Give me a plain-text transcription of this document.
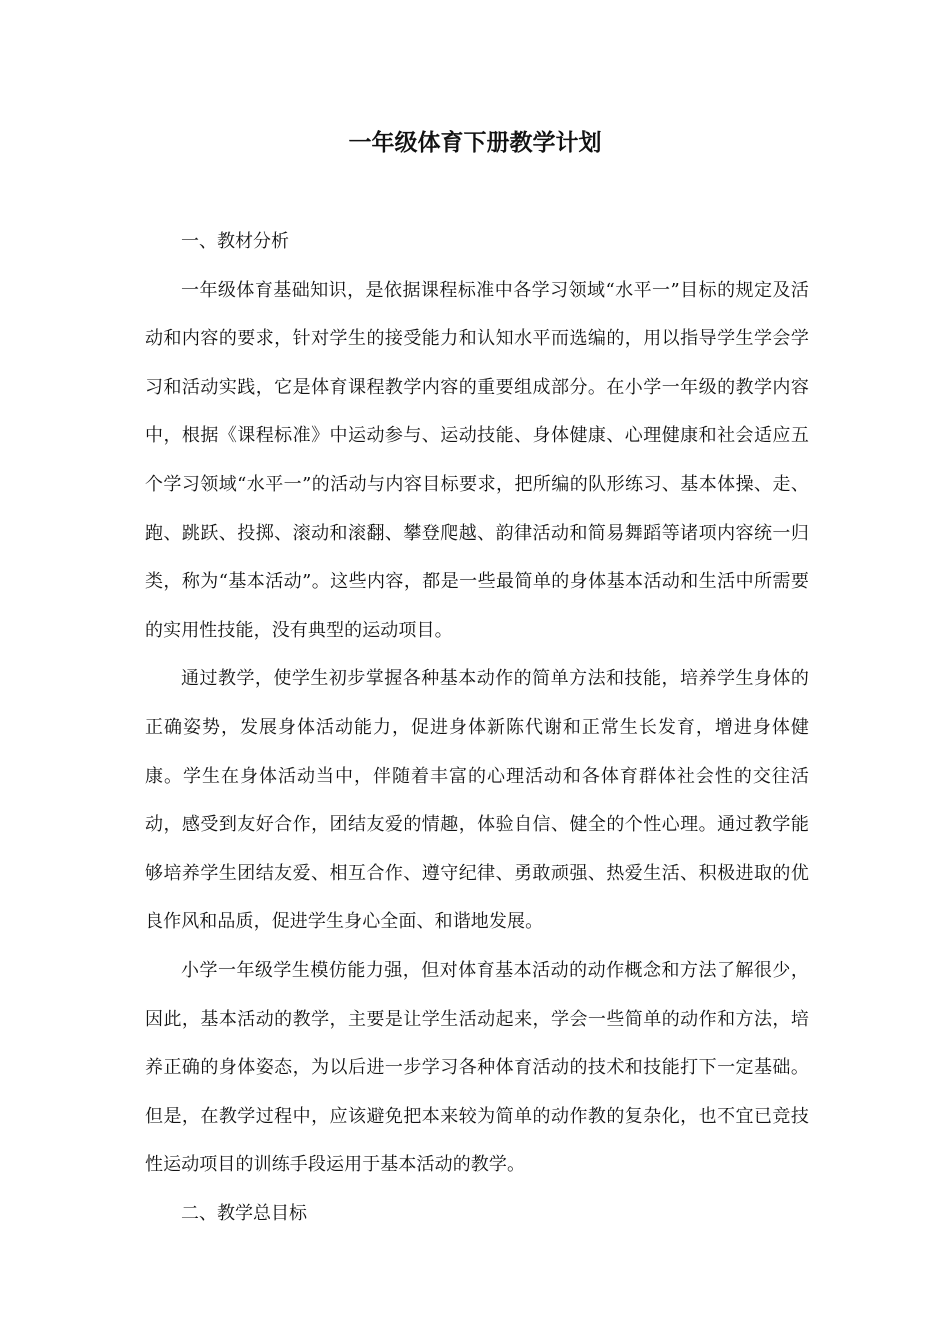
一年级体育下册教学计划

一、教材分析

一年级体育基础知识，是依据课程标准中各学习领域“水平一”目标的规定及活动和内容的要求，针对学生的接受能力和认知水平而选编的，用以指导学生学会学习和活动实践，它是体育课程教学内容的重要组成部分。在小学一年级的教学内容中，根据《课程标准》中运动参与、运动技能、身体健康、心理健康和社会适应五个学习领域“水平一”的活动与内容目标要求，把所编的队形练习、基本体操、走、跑、跳跃、投掷、滚动和滚翻、攀登爬越、韵律活动和简易舞蹈等诸项内容统一归类，称为“基本活动”。这些内容，都是一些最简单的身体基本活动和生活中所需要的实用性技能，没有典型的运动项目。

通过教学，使学生初步掌握各种基本动作的简单方法和技能，培养学生身体的正确姿势，发展身体活动能力，促进身体新陈代谢和正常生长发育，增进身体健康。学生在身体活动当中，伴随着丰富的心理活动和各体育群体社会性的交往活动，感受到友好合作，团结友爱的情趣，体验自信、健全的个性心理。通过教学能够培养学生团结友爱、相互合作、遵守纪律、勇敢顽强、热爱生活、积极进取的优良作风和品质，促进学生身心全面、和谐地发展。

小学一年级学生模仿能力强，但对体育基本活动的动作概念和方法了解很少，因此，基本活动的教学，主要是让学生活动起来，学会一些简单的动作和方法，培养正确的身体姿态，为以后进一步学习各种体育活动的技术和技能打下一定基础。但是，在教学过程中，应该避免把本来较为简单的动作教的复杂化，也不宜已竞技性运动项目的训练手段运用于基本活动的教学。

二、教学总目标
